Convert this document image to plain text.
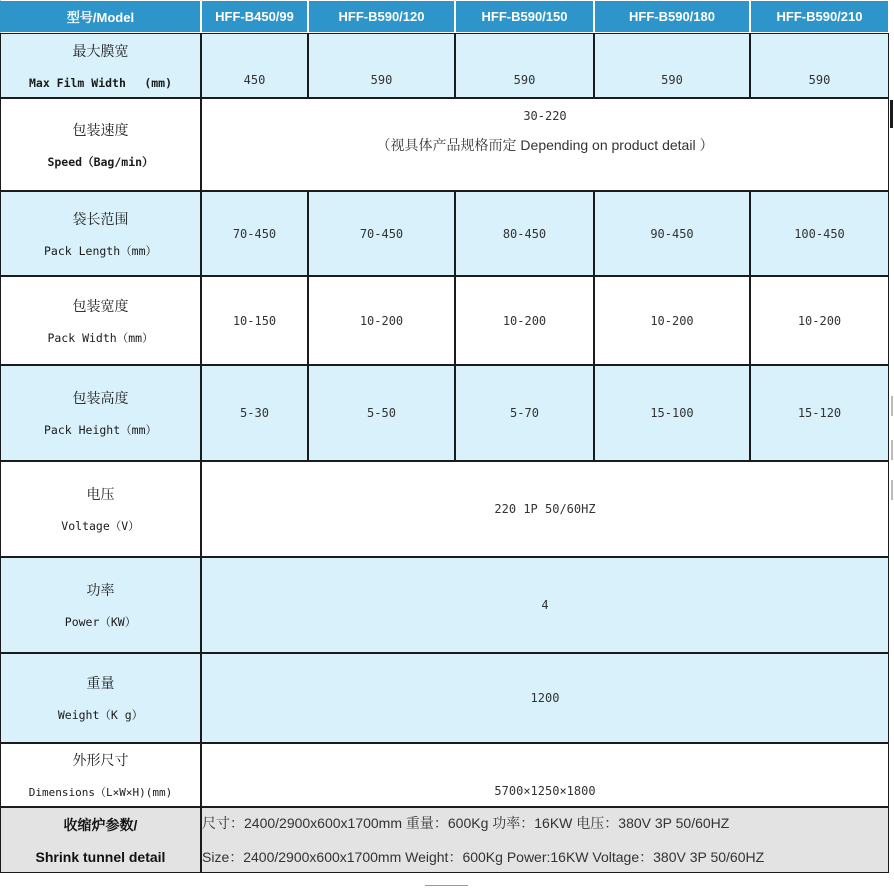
型号/Model	HFF-B450/99	HFF-B590/120	HFF-B590/150	HFF-B590/180	HFF-B590/210

最大膜宽
Max Film Width　 (mm)	450	590	590	590	590

包装速度
Speed（Bag/min）	30-220
（视具体产品规格而定 Depending on product detail ）				

袋长范围
Pack Length（mm）	70-450	70-450	80-450	90-450	100-450

包装宽度
Pack Width（mm）	10-150	10-200	10-200	10-200	10-200

包装高度
Pack Height（mm）	5-30	5-50	5-70	15-100	15-120

电压
Voltage（V）	220 1P 50/60HZ				

功率
Power（KW）	4				

重量
Weight（K g）	1200				

外形尺寸
Dimensions（L×W×H)(mm)	5700×1250×1800				

收缩炉参数/
Shrink tunnel detail	尺寸：2400/2900x600x1700mm 重量：600Kg 功率：16KW 电压：380V 3P 50/60HZ
Size：2400/2900x600x1700mm Weight：600Kg Power:16KW Voltage：380V 3P 50/60HZ				
